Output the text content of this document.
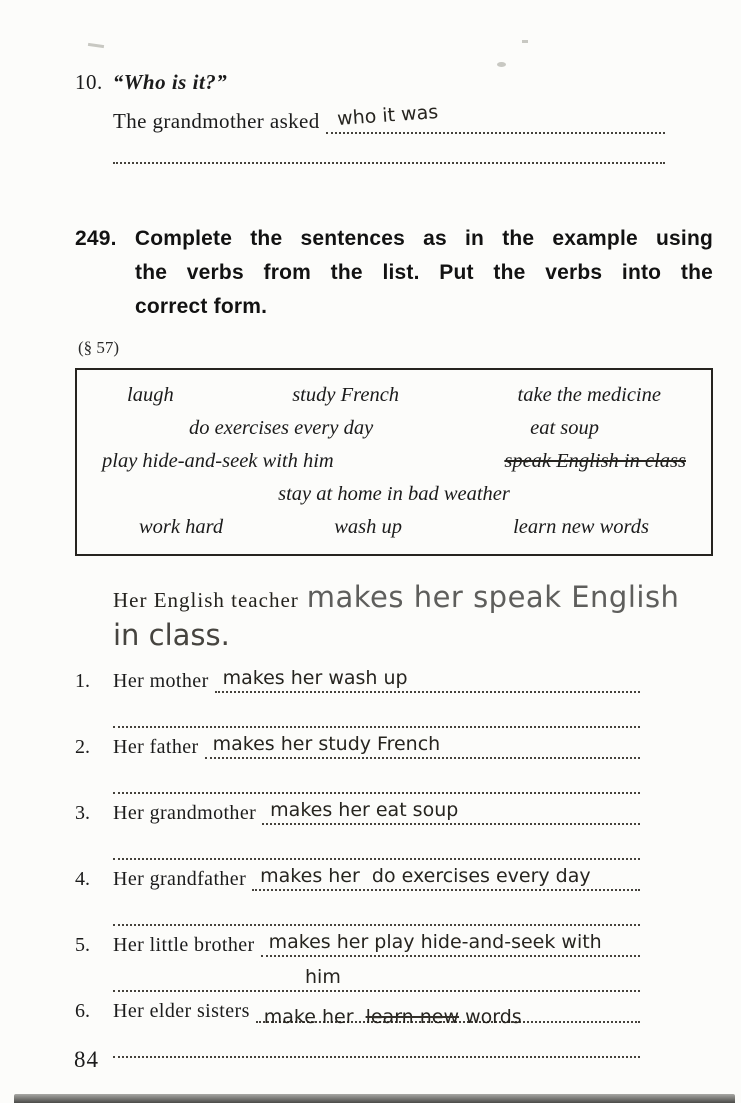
10. “Who is it?”
The grandmother asked who it was
249. Complete the sentences as in the example using
the verbs from the list. Put the verbs into the
correct form.
(§ 57)
laugh	study French	take the medicine
do exercises every day	eat soup
play hide-and-seek with him	speak English in class
stay at home in bad weather
work hard	wash up	learn new words
Her English teacher makes her speak English
in class.
1.	Her mother makes her wash up
2.	Her father makes her study French
3.	Her grandmother makes her eat soup
4.	Her grandfather makes her  do exercises every day
5.	Her little brother makes her play hide-and-seek with
him
6.	Her elder sisters make her  learn new words
84
